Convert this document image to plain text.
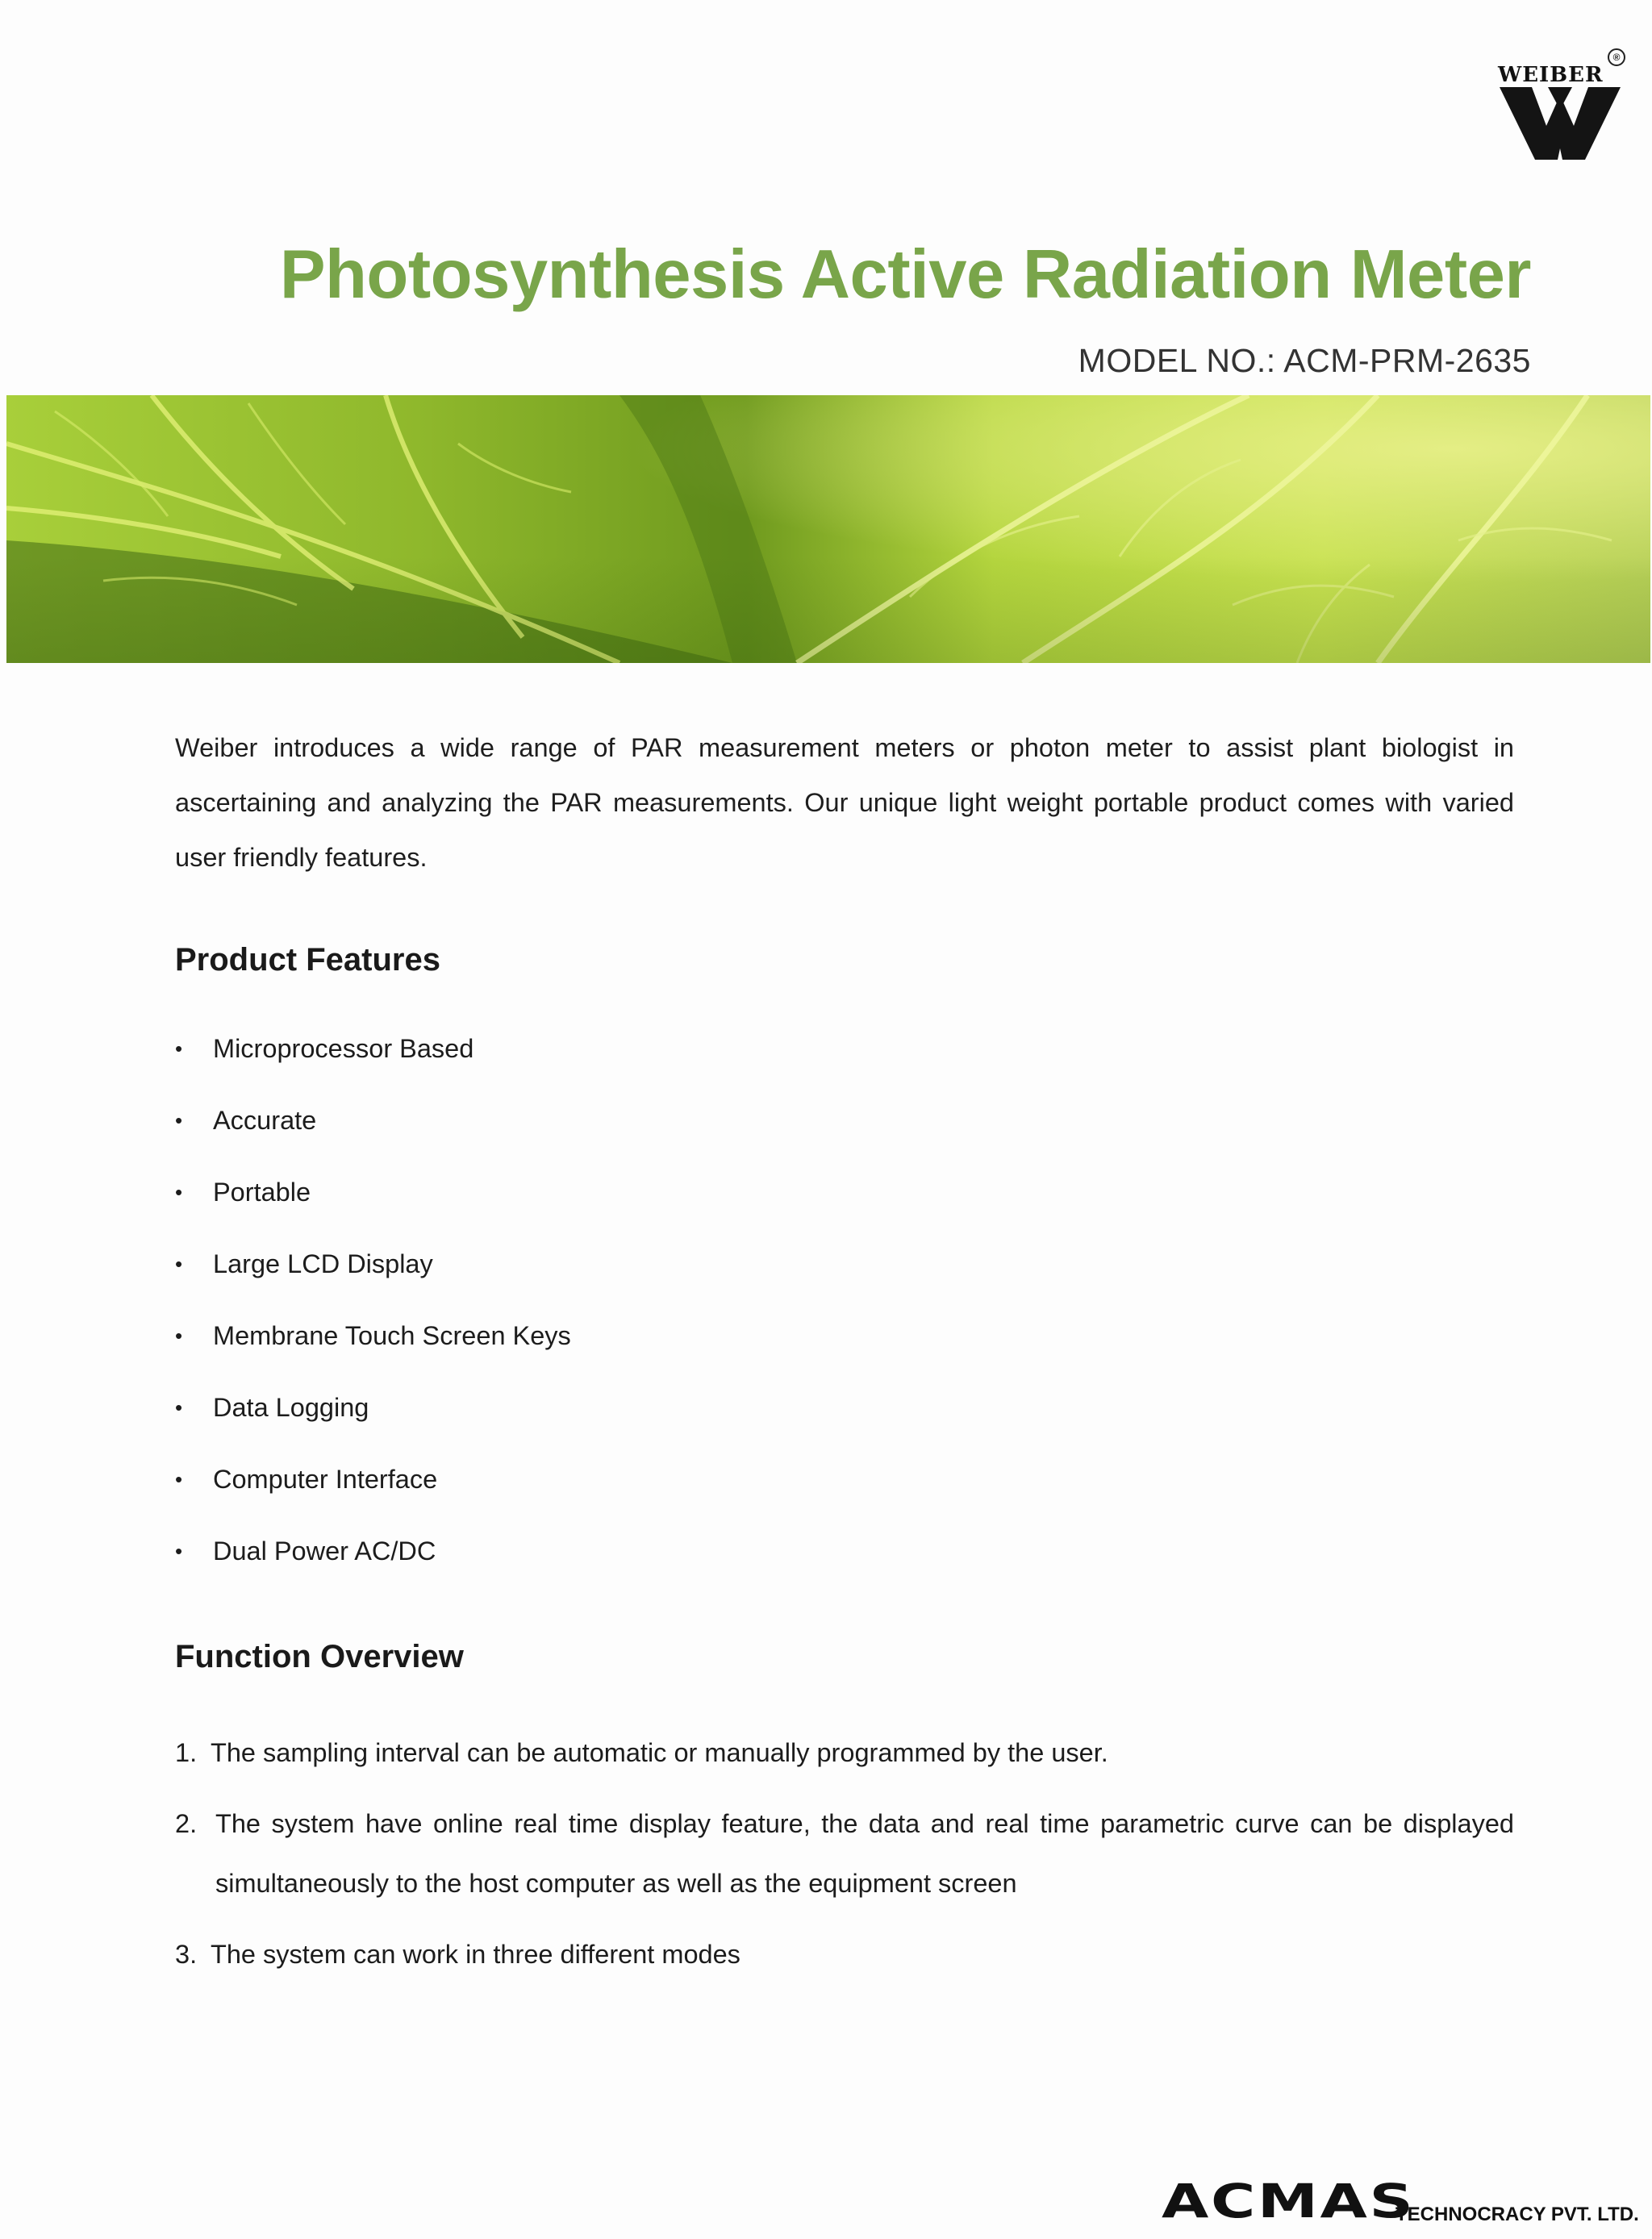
WEIBER
®
Photosynthesis Active Radiation Meter
MODEL NO.: ACM-PRM-2635

Weiber introduces a wide range of PAR measurement meters or photon meter to assist plant biologist in ascertaining and analyzing the PAR measurements. Our unique light weight portable product comes with varied user friendly features.

Product Features
• Microprocessor Based
• Accurate
• Portable
• Large LCD Display
• Membrane Touch Screen Keys
• Data Logging
• Computer Interface
• Dual Power AC/DC
Function Overview
1. The sampling interval can be automatic or manually programmed by the user.
2. The system have online real time display feature, the data and real time parametric curve can be displayed simultaneously to the host computer as well as the equipment screen
3. The system can work in three different modes
ACMAS
TECHNOCRACY PVT. LTD.
